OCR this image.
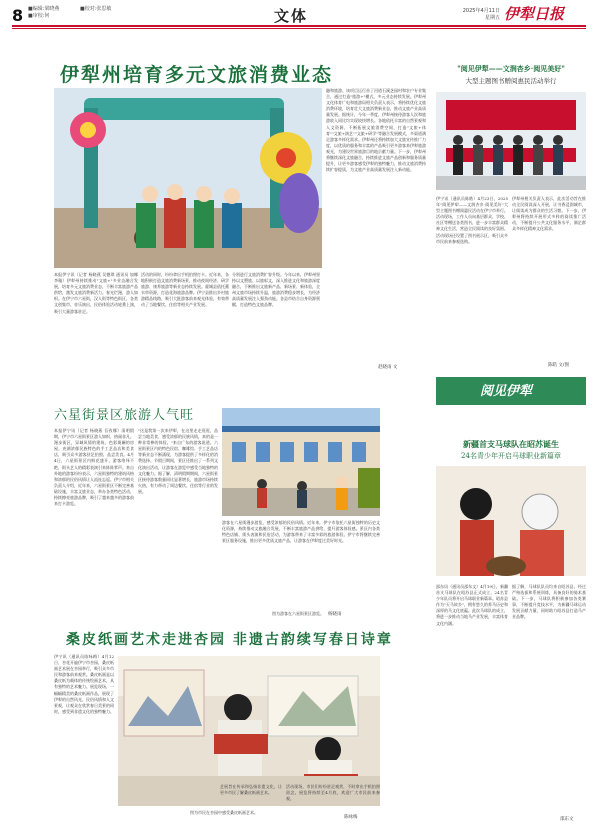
8 ■编辑:梁晓燕
■审校:何
■校对:张思敏	文体	2025年4月11日
星期五 伊犁日报
伊犁州培育多元文旅消费业态
本报伊宁讯（记者 杨晓燕 吴德琪 通讯员 加娜 李璇）伊犁州持续推动"文旅+"多业态融合发展，培育多元文旅消费业态，不断丰富旅游产品供给，激发文旅消费新活力。春光烂漫，游人如织。在伊宁市六星街，汉人街等特色街区，各类文创集市、音乐演出、民俗体验活动轮番上演，吸引大量游客驻足。
活动的同时，纷纷拿出手机拍照打卡。近年来，各地积极打造文旅消费新场景，推动夜间经济、研学旅游、康养旅游等新业态持续发展。霍城县依托薰衣草资源，打造花海旅游品牌。伊宁县推出乡村旅游精品线路，吸引大批游客前来观光体验，有效带动了当地餐饮、住宿等相关产业发展。
分别进行文旅消费扩容升级。今年以来，伊犁州坚持以文塑旅、以旅彰文，深入推进文化和旅游深度融合，不断推出文旅新产品、新场景、新体验，全州文旅市场持续升温，旅游消费稳步增长，为经济高质量发展注入强劲动能。各县市结合自身资源禀赋，打造特色文旅品牌。
融和旅游。该项目运行首了河道石溪芝园村和农户专业集合，通过打造"旅游+"模式，多元业态持续发展。伊犁州文化体育广电和旅游局相关负责人表示，将持续优化文旅消费环境，培育壮大文旅消费新业态，推动文旅产业高质量发展。据统计，今年一季度，伊犁州接待游客人次和旅游收入同比均实现较快增长。各地依托丰富的自然景观和人文资源，不断拓展文旅消费空间，打造"文旅+体育""文旅+演艺""文旅+研学"等融合发展模式，多渠道满足游客多样化需求。伊犁州还将持续加大文旅宣传推广力度，以优质的服务和丰富的产品吸引更多游客来伊犁旅游观光，为建设世界旅游目的地贡献力量。下一步，伊犁州将继续深化文旅融合，持续推进文旅产品创新和服务质量提升，让更多游客感受伊犁的独特魅力，推动文旅消费持续扩容提质，为文旅产业高质量发展注入新动能。
赵晓雨 文
六星街景区旅游人气旺
本报伊宁讯（记者 杨晓燕 吾孜娜）清明假期，伊宁市六星街景区游人如织，热闹非凡。漫步街区，异域风情的建筑、色彩斑斓的房屋，充满浓郁民族特色的手工艺品店和美食店，吸引众多游客驻足拍照、品尝美食。4月4日，六星街景区内鲜花盛开，游客络绎不绝，街头艺人的精彩表演引来阵阵掌声。来自外地的游客纷纷表示，六星街独特的建筑风格和浓郁的民俗风情让人流连忘返。伊宁市相关负责人介绍，近年来，六星街景区不断完善基础设施，丰富文旅业态，举办各类特色活动，持续擦亮旅游品牌，吸引了越来越多的游客前来打卡游览。
"这是我第一次来伊犁，在这里走走逛逛，品尝当地美食，感受浓郁的民族风情，真的是一种非常棒的体验。"来自广东的游客说道。六星街景区内的特色民宿、咖啡馆、手工艺品店等新业态不断涌现，为游客提供了多样化的消费选择。节假日期间，景区还推出了一系列文化演出活动，让游客在游览中感受当地独特的文化魅力。据了解，清明假期期间，六星街景区接待游客数量同比显著增长，旅游市场持续火热，有力带动了周边餐饮、住宿等行业的发展。
游客在六星街漫步游览，感受浓郁的民俗风情。近年来，伊宁市依托六星街独特的历史文化资源，持续推动文旅融合发展，不断丰富旅游产品供给，提升游客体验感。景区内各类特色店铺、街头表演和民俗活动，为游客带来了丰富多彩的旅游体验。伊宁市将继续完善景区服务设施，推出更多优质文旅产品，让游客在伊犁度过美好时光。
图为游客在六星街景区游览。 杨晓雨
桑皮纸画艺术走进杏园 非遗古韵续写春日诗章
伊宁讯（通讯员陈咏梅）4月12日，杏花开遍伊宁市杏园，桑皮纸画艺术展在杏园举行，吸引众多市民和游客前来观赏。桑皮纸画是以桑皮纸为载体的传统绘画艺术，具有独特的艺术魅力。展览现场，一幅幅精美的桑皮纸画作品，展现了伊犁的自然风光、民俗风情和人文景观，让观众在欣赏春日美景的同时，感受到非遗文化的独特魅力。
艺展旨在传承和弘扬非遗文化，让更多市民了解桑皮纸画艺术。
活动现场，市民们纷纷驻足观赏，不时拿出手机拍照留念。展览将持续至4月底，欢迎广大市民前来参观。
图为市民在杏园中感受桑皮纸画艺术。
陈咏梅
"阅见伊犁——文润杏乡·阅见美好"
大型主题图书赠阅惠民活动举行
伊宁讯（通讯员陈皓）4月23日，2025年"阅见伊犁——文润杏乡·阅见美好"大型主题图书赠阅惠民活动在伊宁市举行。活动现场，工作人员向基层群众、学校、社区等赠送各类图书，进一步丰富群众精神文化生活，营造全民阅读的良好氛围。活动现场还设置了图书展示区，吸引众多市民前来参观选购。
伊犁州相关负责人表示，此次活动旨在推动全民阅读深入开展，让书香浸润城市，让阅读成为群众的生活习惯。下一步，伊犁州将持续开展形式多样的阅读推广活动，不断提升公共文化服务水平，满足群众多样化精神文化需求。
陈皓 文/图
阅见伊犁
新疆首支马球队在昭苏诞生
24名青少年开启马球职业新篇章
邵东讯（通讯员邵东文）4月19日，新疆首支马球队在昭苏县正式成立，24名青少年队员将开启马球职业新篇章。昭苏县作为"天马故乡"，拥有悠久的养马历史和深厚的马文化底蕴。此次马球队的成立，将进一步推动当地马产业发展，丰富体育文化内涵。
据了解，马球队队员均来自昭苏县，经过严格选拔和系统训练，具备良好的骑术基础。下一步，马球队将积极参加各类赛事，不断提升竞技水平，为新疆马球运动发展贡献力量，同时助力昭苏县打造马产业品牌。
邵东文
